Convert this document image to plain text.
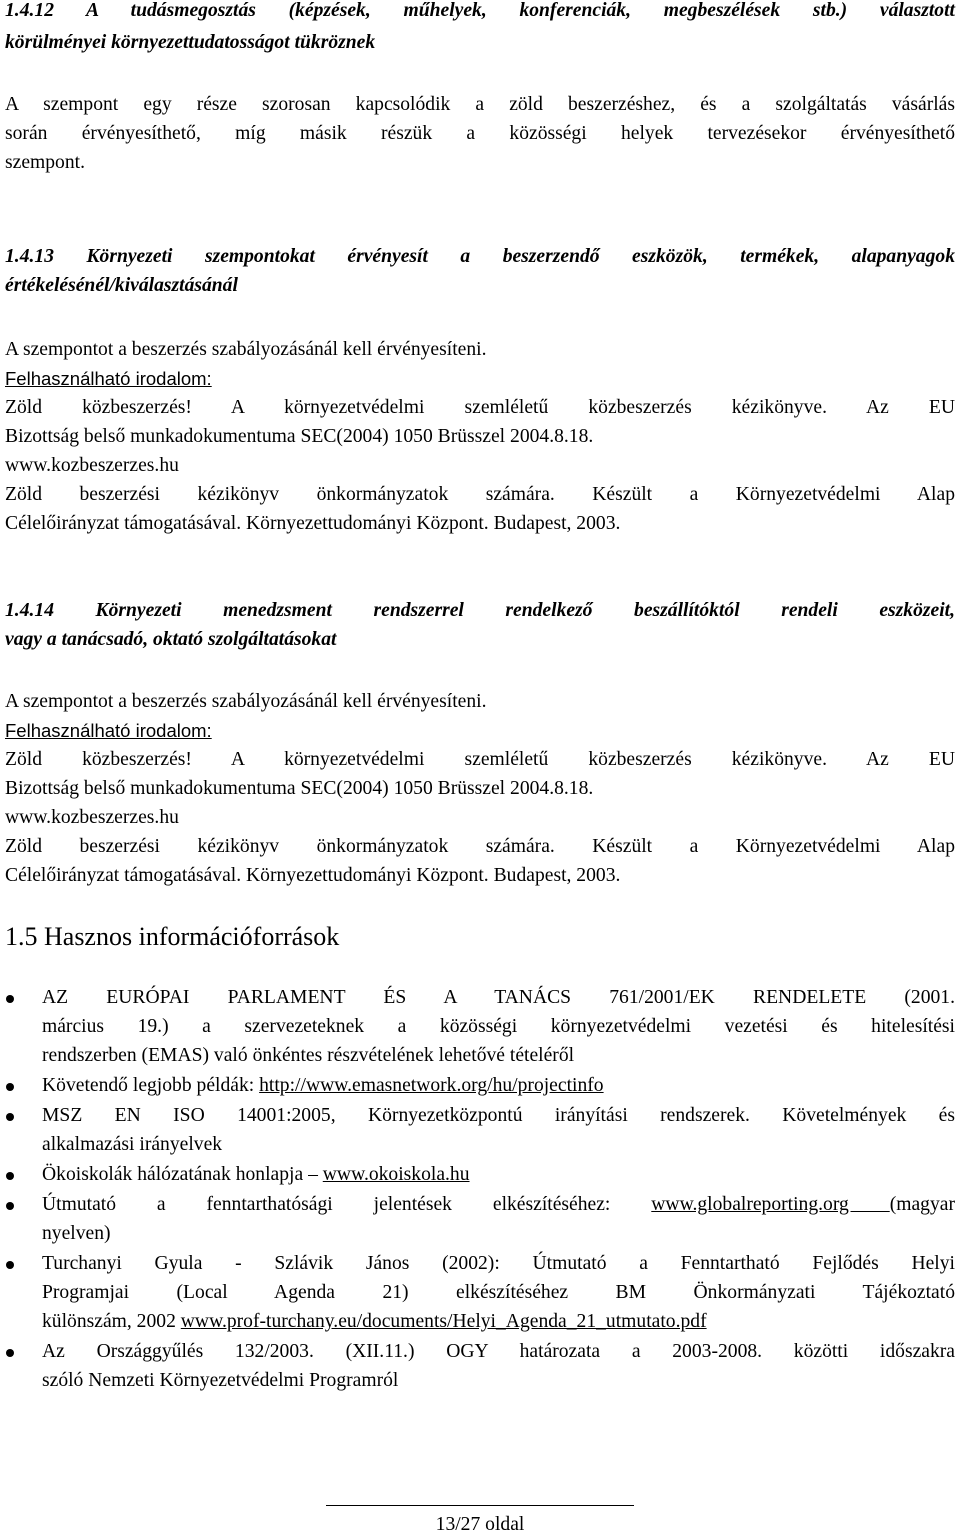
1.4.12 A tudásmegosztás (képzések, műhelyek, konferenciák, megbeszélések stb.) választott
körülményei környezettudatosságot tükröznek
A szempont egy része szorosan kapcsolódik a zöld beszerzéshez, és a szolgáltatás vásárlás
során érvényesíthető, míg másik részük a közösségi helyek tervezésekor érvényesíthető
szempont.
1.4.13 Környezeti szempontokat érvényesít a beszerzendő eszközök, termékek, alapanyagok
értékelésénél/kiválasztásánál
A szempontot a beszerzés szabályozásánál kell érvényesíteni.
Felhasználható irodalom:
Zöld közbeszerzés! A környezetvédelmi szemléletű közbeszerzés kézikönyve. Az EU
Bizottság belső munkadokumentuma SEC(2004) 1050 Brüsszel 2004.8.18.
www.kozbeszerzes.hu
Zöld beszerzési kézikönyv önkormányzatok számára. Készült a Környezetvédelmi Alap
Célelőirányzat támogatásával. Környezettudományi Központ. Budapest, 2003.
1.4.14 Környezeti menedzsment rendszerrel rendelkező beszállítóktól rendeli eszközeit,
vagy a tanácsadó, oktató szolgáltatásokat
A szempontot a beszerzés szabályozásánál kell érvényesíteni.
Felhasználható irodalom:
Zöld közbeszerzés! A környezetvédelmi szemléletű közbeszerzés kézikönyve. Az EU
Bizottság belső munkadokumentuma SEC(2004) 1050 Brüsszel 2004.8.18.
www.kozbeszerzes.hu
Zöld beszerzési kézikönyv önkormányzatok számára. Készült a Környezetvédelmi Alap
Célelőirányzat támogatásával. Környezettudományi Központ. Budapest, 2003.
1.5 Hasznos információforrások
AZ EURÓPAI PARLAMENT ÉS A TANÁCS 761/2001/EK RENDELETE (2001.
március 19.) a szervezeteknek a közösségi környezetvédelmi vezetési és hitelesítési
rendszerben (EMAS) való önkéntes részvételének lehetővé tételéről
Követendő legjobb példák: http://www.emasnetwork.org/hu/projectinfo
MSZ EN ISO 14001:2005, Környezetközpontú irányítási rendszerek. Követelmények és
alkalmazási irányelvek
Ökoiskolák hálózatának honlapja – www.okoiskola.hu
Útmutató a fenntarthatósági jelentések elkészítéséhez: www.globalreporting.org (magyar
nyelven)
Turchanyi Gyula - Szlávik János (2002): Útmutató a Fenntartható Fejlődés Helyi
Programjai (Local Agenda 21) elkészítéséhez BM Önkormányzati Tájékoztató
különszám, 2002 www.prof-turchany.eu/documents/Helyi_Agenda_21_utmutato.pdf
Az Országgyűlés 132/2003. (XII.11.) OGY határozata a 2003-2008. közötti időszakra
szóló Nemzeti Környezetvédelmi Programról
13/27 oldal
